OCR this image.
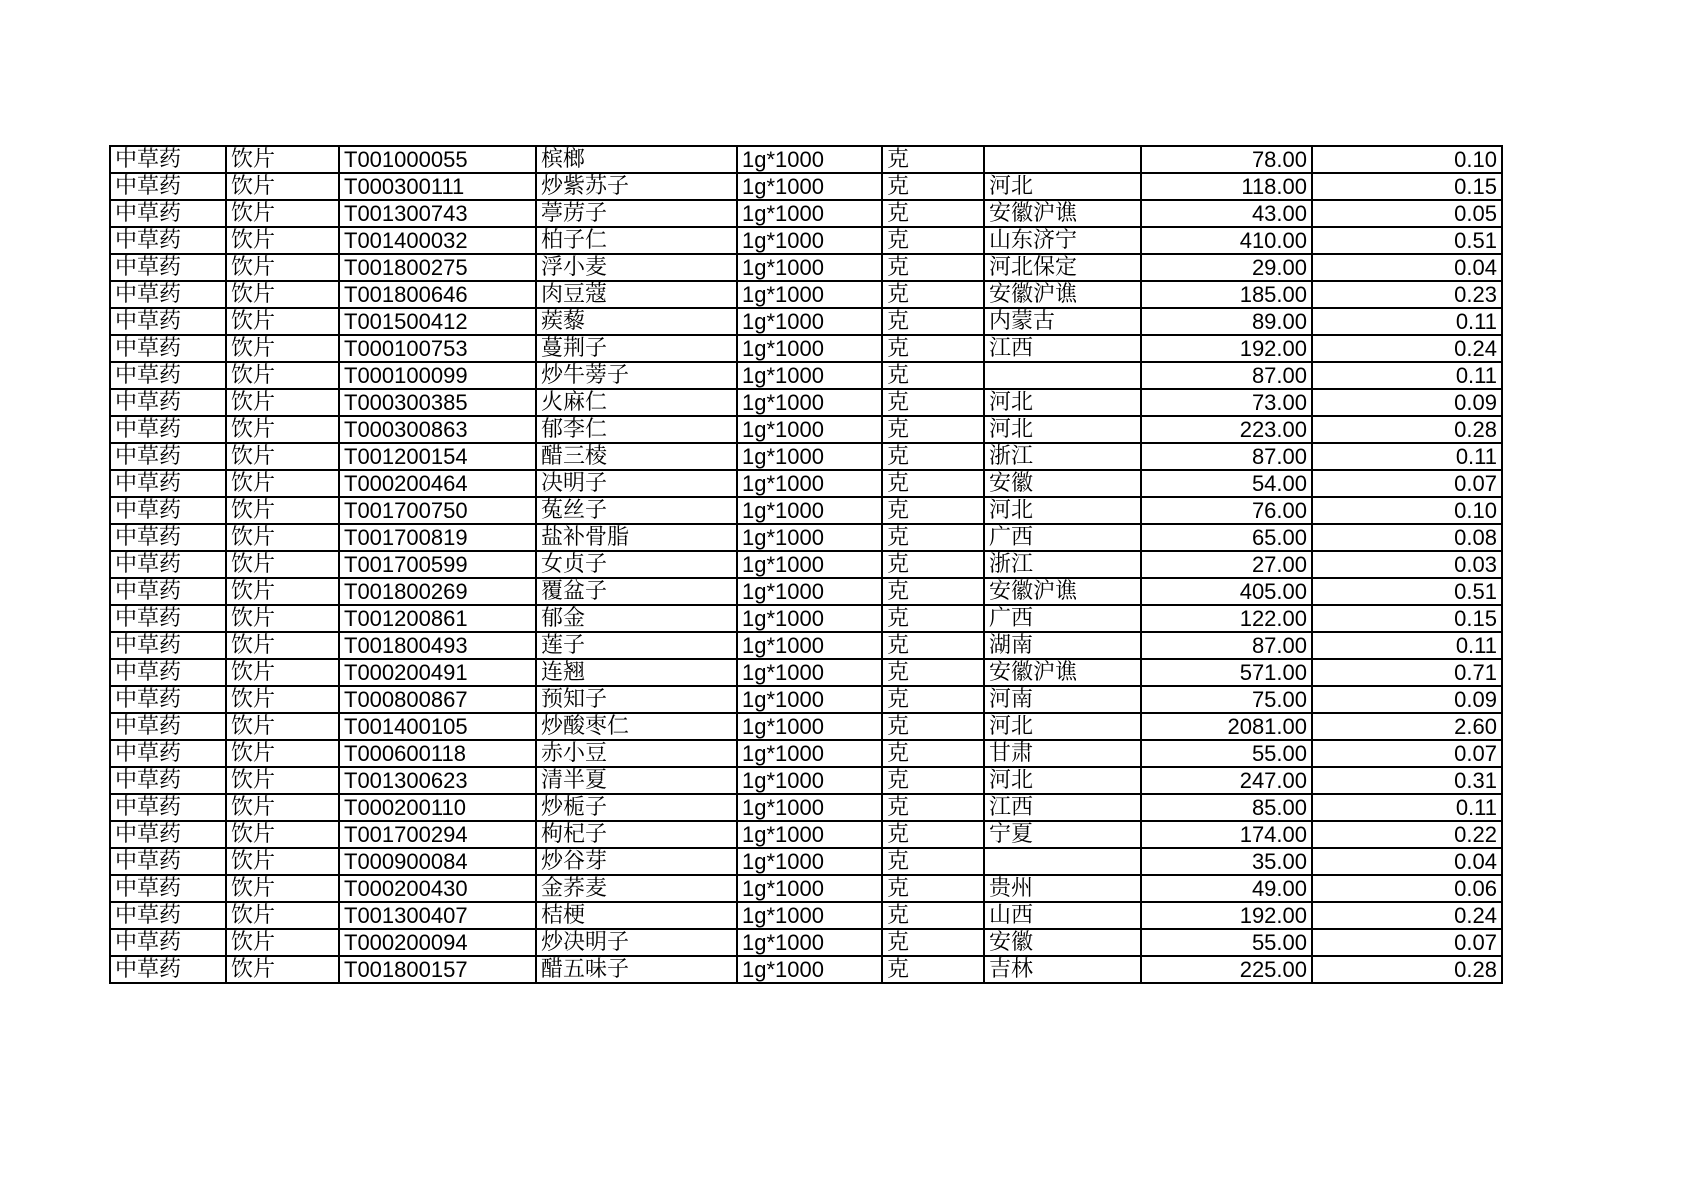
中草药	饮片	T001000055	槟榔	1g*1000	克		78.00	0.10
中草药	饮片	T000300111	炒紫苏子	1g*1000	克	河北	118.00	0.15
中草药	饮片	T001300743	葶苈子	1g*1000	克	安徽沪谯	43.00	0.05
中草药	饮片	T001400032	柏子仁	1g*1000	克	山东济宁	410.00	0.51
中草药	饮片	T001800275	浮小麦	1g*1000	克	河北保定	29.00	0.04
中草药	饮片	T001800646	肉豆蔻	1g*1000	克	安徽沪谯	185.00	0.23
中草药	饮片	T001500412	蒺藜	1g*1000	克	内蒙古	89.00	0.11
中草药	饮片	T000100753	蔓荆子	1g*1000	克	江西	192.00	0.24
中草药	饮片	T000100099	炒牛蒡子	1g*1000	克		87.00	0.11
中草药	饮片	T000300385	火麻仁	1g*1000	克	河北	73.00	0.09
中草药	饮片	T000300863	郁李仁	1g*1000	克	河北	223.00	0.28
中草药	饮片	T001200154	醋三棱	1g*1000	克	浙江	87.00	0.11
中草药	饮片	T000200464	决明子	1g*1000	克	安徽	54.00	0.07
中草药	饮片	T001700750	菟丝子	1g*1000	克	河北	76.00	0.10
中草药	饮片	T001700819	盐补骨脂	1g*1000	克	广西	65.00	0.08
中草药	饮片	T001700599	女贞子	1g*1000	克	浙江	27.00	0.03
中草药	饮片	T001800269	覆盆子	1g*1000	克	安徽沪谯	405.00	0.51
中草药	饮片	T001200861	郁金	1g*1000	克	广西	122.00	0.15
中草药	饮片	T001800493	莲子	1g*1000	克	湖南	87.00	0.11
中草药	饮片	T000200491	连翘	1g*1000	克	安徽沪谯	571.00	0.71
中草药	饮片	T000800867	预知子	1g*1000	克	河南	75.00	0.09
中草药	饮片	T001400105	炒酸枣仁	1g*1000	克	河北	2081.00	2.60
中草药	饮片	T000600118	赤小豆	1g*1000	克	甘肃	55.00	0.07
中草药	饮片	T001300623	清半夏	1g*1000	克	河北	247.00	0.31
中草药	饮片	T000200110	炒栀子	1g*1000	克	江西	85.00	0.11
中草药	饮片	T001700294	枸杞子	1g*1000	克	宁夏	174.00	0.22
中草药	饮片	T000900084	炒谷芽	1g*1000	克		35.00	0.04
中草药	饮片	T000200430	金荞麦	1g*1000	克	贵州	49.00	0.06
中草药	饮片	T001300407	桔梗	1g*1000	克	山西	192.00	0.24
中草药	饮片	T000200094	炒决明子	1g*1000	克	安徽	55.00	0.07
中草药	饮片	T001800157	醋五味子	1g*1000	克	吉林	225.00	0.28
